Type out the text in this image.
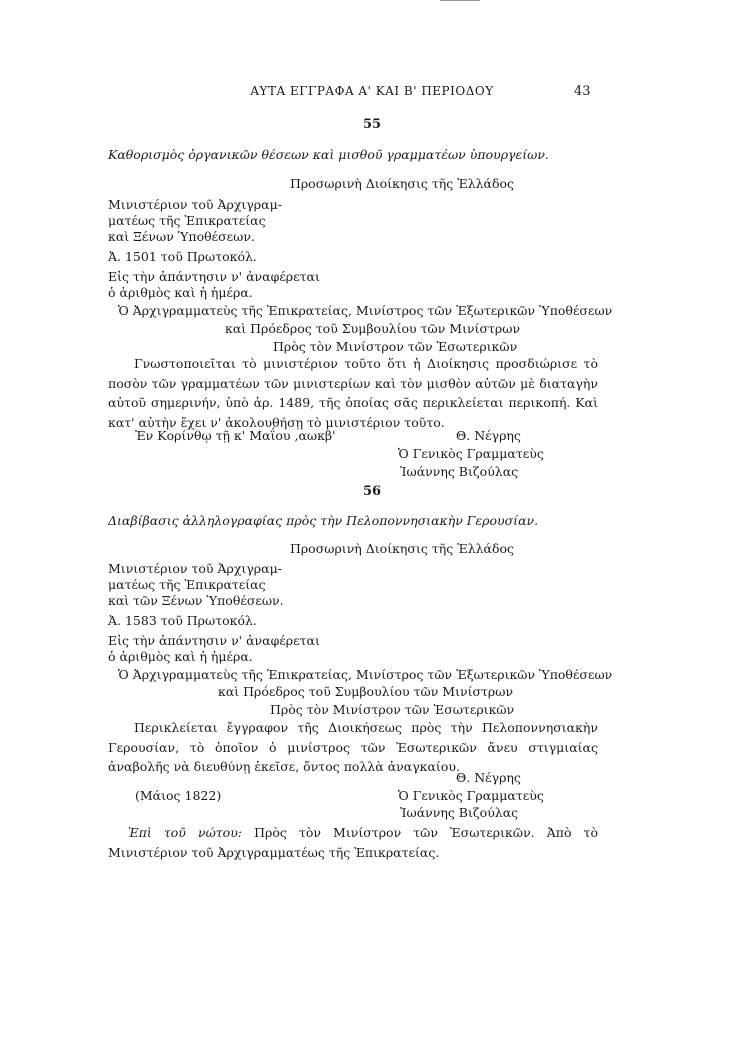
ΑΥΤΑ ΕΓΓΡΑΦΑ Α' ΚΑΙ Β' ΠΕΡΙΟΔΟΥ	43
55
Καθορισμὸς ὀργανικῶν θέσεων καὶ μισθοῦ γραμματέων ὑπουργείων.
Προσωρινὴ Διοίκησις τῆς Ἑλλάδος
Μινιστέριον τοῦ Ἀρχιγραμ-
ματέως τῆς Ἐπικρατείας
καὶ Ξένων Ὑποθέσεων.
Ἀ. 1501 τοῦ Πρωτοκόλ.
Εἰς τὴν ἀπάντησιν ν' ἀναφέρεται
ὁ ἀριθμὸς καὶ ἡ ἡμέρα.
Ὁ Ἀρχιγραμματεὺς τῆς Ἐπικρατείας, Μινίστρος τῶν Ἐξωτερικῶν Ὑποθέσεων
καὶ Πρόεδρος τοῦ Συμβουλίου τῶν Μινίστρων
Πρὸς τὸν Μινίστρον τῶν Ἐσωτερικῶν
Γνωστοποιεῖται τὸ μινιστέριον τοῦτο ὅτι ἡ Διοίκησις προσδιώρισε τὸ ποσὸν τῶν γραμματέων τῶν μινιστερίων καὶ τὸν μισθὸν αὐτῶν μὲ διαταγὴν αὐτοῦ σημερινήν, ὑπὸ ἀρ. 1489, τῆς ὁποίας σᾶς περικλείεται περικοπή. Καὶ κατ' αὐτὴν ἔχει ν' ἀκολουθήσῃ τὸ μινιστέριον τοῦτο.
Ἐν Κορίνθῳ τῇ κ' Μαΐου ,αωκβ'	Θ. Νέγρης
Ὁ Γενικὸς Γραμματεὺς
Ἰωάννης Βιζούλας
56
Διαβίβασις ἀλληλογραφίας πρὸς τὴν Πελοποννησιακὴν Γερουσίαν.
Προσωρινὴ Διοίκησις τῆς Ἑλλάδος
Μινιστέριον τοῦ Ἀρχιγραμ-
ματέως τῆς Ἐπικρατείας
καὶ τῶν Ξένων Ὑποθέσεων.
Ἀ. 1583 τοῦ Πρωτοκόλ.
Εἰς τὴν ἀπάντησιν ν' ἀναφέρεται
ὁ ἀριθμὸς καὶ ἡ ἡμέρα.
Ὁ Ἀρχιγραμματεὺς τῆς Ἐπικρατείας, Μινίστρος τῶν Ἐξωτερικῶν Ὑποθέσεων
καὶ Πρόεδρος τοῦ Συμβουλίου τῶν Μινίστρων
Πρὸς τὸν Μινίστρον τῶν Ἐσωτερικῶν
Περικλείεται ἔγγραφον τῆς Διοικήσεως πρὸς τὴν Πελοποννησιακὴν Γερουσίαν, τὸ ὁποῖον ὁ μινίστρος τῶν Ἐσωτερικῶν ἄνευ στιγμιαίας ἀναβολῆς νὰ διευθύνῃ ἐκεῖσε, ὄντος πολλὰ ἀναγκαίου.
Θ. Νέγρης
(Μάιος 1822)	Ὁ Γενικὸς Γραμματεὺς
Ἰωάννης Βιζούλας
Ἐπὶ τοῦ νώτου: Πρὸς τὸν Μινίστρον τῶν Ἐσωτερικῶν. Ἀπὸ τὸ Μινιστέριον τοῦ Ἀρχιγραμματέως τῆς Ἐπικρατείας.
